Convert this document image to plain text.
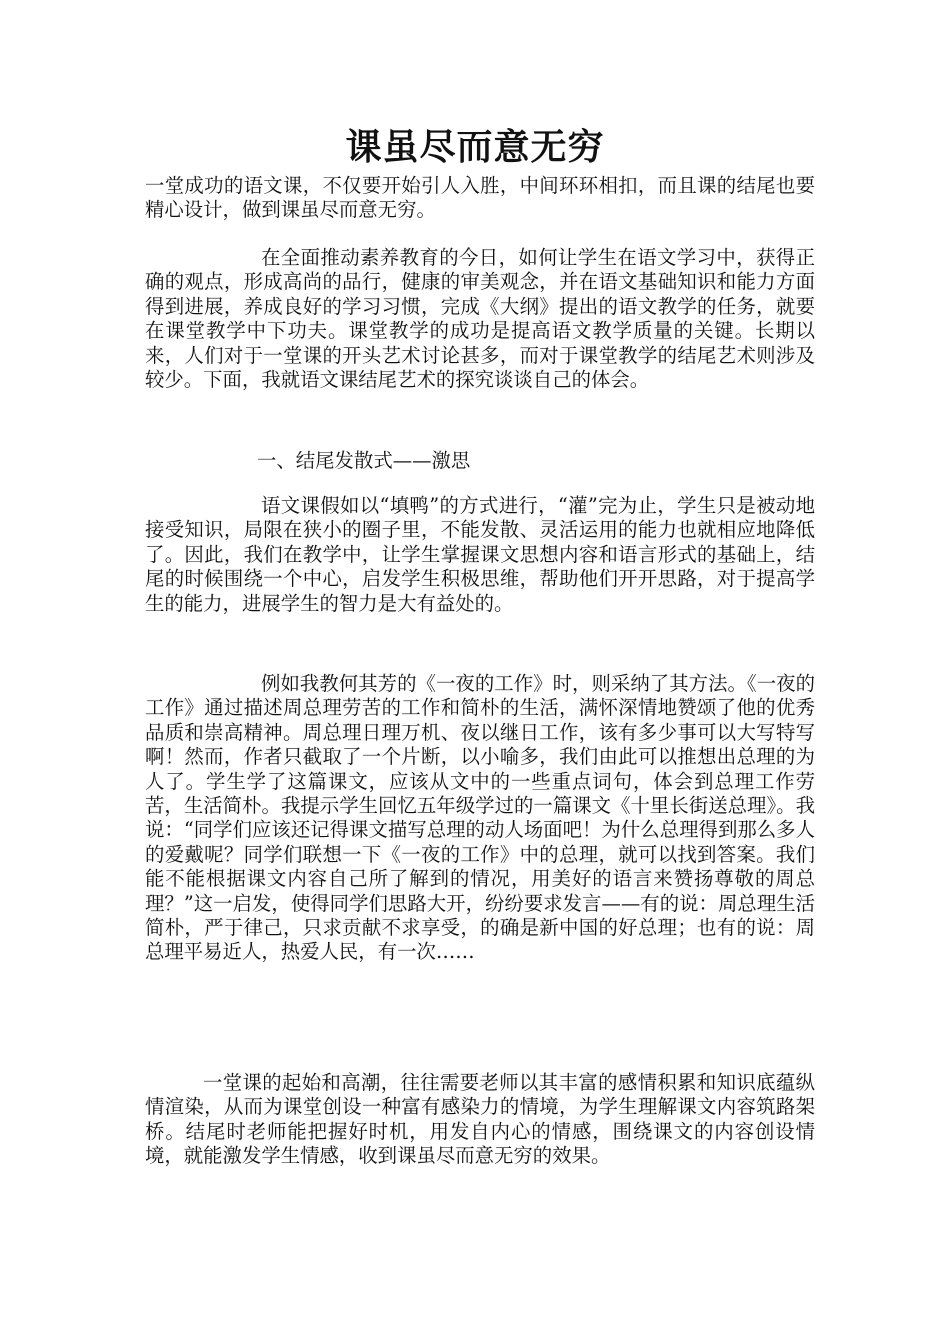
课虽尽而意无穷

一堂成功的语文课，不仅要开始引人入胜，中间环环相扣，而且课的结尾也要精心设计，做到课虽尽而意无穷。

在全面推动素养教育的今日，如何让学生在语文学习中，获得正确的观点，形成高尚的品行，健康的审美观念，并在语文基础知识和能力方面得到进展，养成良好的学习习惯，完成《大纲》提出的语文教学的任务，就要在课堂教学中下功夫。课堂教学的成功是提高语文教学质量的关键。长期以来，人们对于一堂课的开头艺术讨论甚多，而对于课堂教学的结尾艺术则涉及较少。下面，我就语文课结尾艺术的探究谈谈自己的体会。

一、结尾发散式——激思

语文课假如以“填鸭”的方式进行，“灌”完为止，学生只是被动地接受知识，局限在狭小的圈子里，不能发散、灵活运用的能力也就相应地降低了。因此，我们在教学中，让学生掌握课文思想内容和语言形式的基础上，结尾的时候围绕一个中心，启发学生积极思维，帮助他们开开思路，对于提高学生的能力，进展学生的智力是大有益处的。

例如我教何其芳的《一夜的工作》时，则采纳了其方法。《一夜的工作》通过描述周总理劳苦的工作和简朴的生活，满怀深情地赞颂了他的优秀品质和崇高精神。周总理日理万机、夜以继日工作，该有多少事可以大写特写啊！然而，作者只截取了一个片断，以小喻多，我们由此可以推想出总理的为人了。学生学了这篇课文，应该从文中的一些重点词句，体会到总理工作劳苦，生活简朴。我提示学生回忆五年级学过的一篇课文《十里长街送总理》。我说：“同学们应该还记得课文描写总理的动人场面吧！为什么总理得到那么多人的爱戴呢？同学们联想一下《一夜的工作》中的总理，就可以找到答案。我们能不能根据课文内容自己所了解到的情况，用美好的语言来赞扬尊敬的周总理？”这一启发，使得同学们思路大开，纷纷要求发言——有的说：周总理生活简朴，严于律己，只求贡献不求享受，的确是新中国的好总理；也有的说：周总理平易近人，热爱人民，有一次……

一堂课的起始和高潮，往往需要老师以其丰富的感情积累和知识底蕴纵情渲染，从而为课堂创设一种富有感染力的情境，为学生理解课文内容筑路架桥。结尾时老师能把握好时机，用发自内心的情感，围绕课文的内容创设情境，就能激发学生情感，收到课虽尽而意无穷的效果。
